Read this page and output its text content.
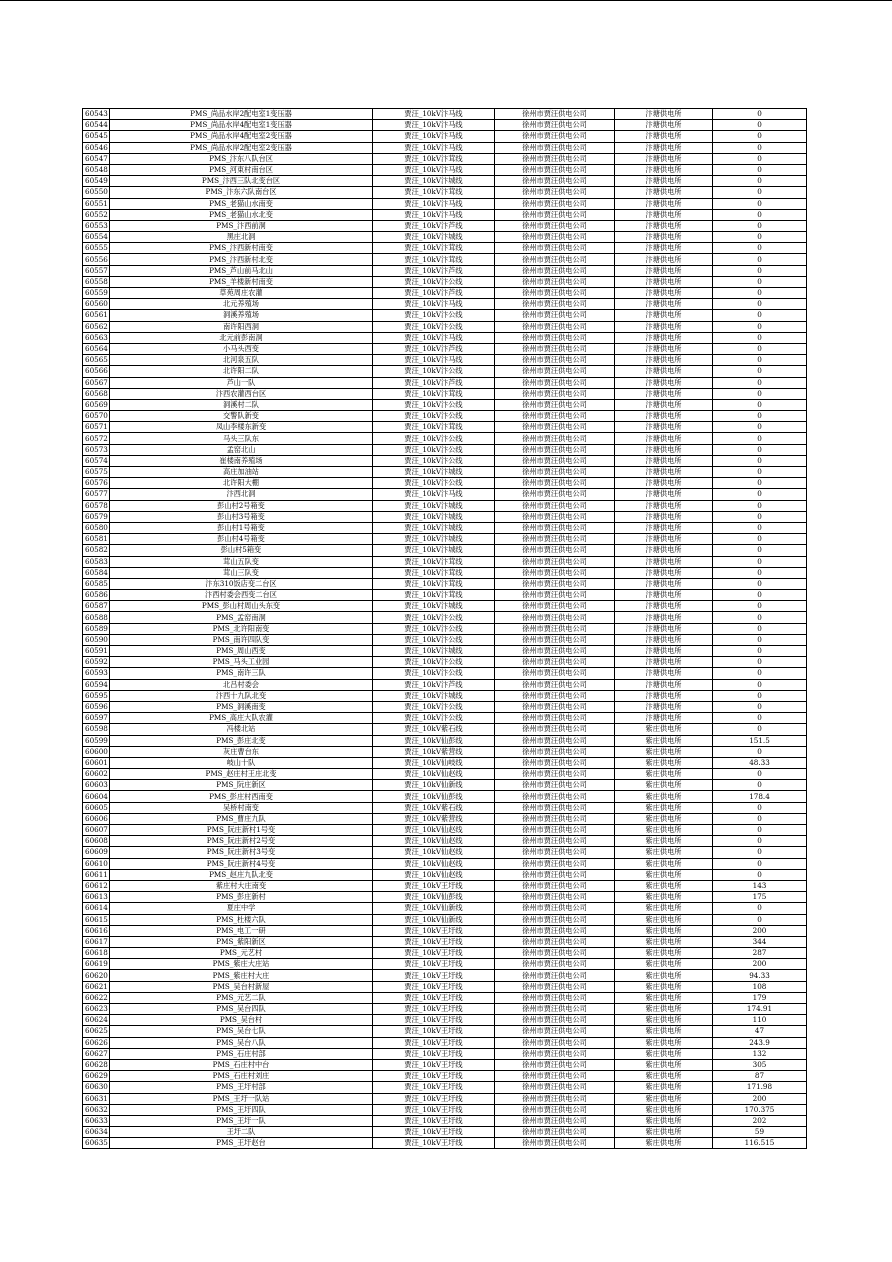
60543	PMS_尚品水岸2配电室1变压器	贾汪_10kV汴马线	徐州市贾汪供电公司	汴塘供电所	0
60544	PMS_尚品水岸4配电室1变压器	贾汪_10kV汴马线	徐州市贾汪供电公司	汴塘供电所	0
60545	PMS_尚品水岸4配电室2变压器	贾汪_10kV汴马线	徐州市贾汪供电公司	汴塘供电所	0
60546	PMS_尚品水岸2配电室2变压器	贾汪_10kV汴马线	徐州市贾汪供电公司	汴塘供电所	0
60547	PMS_汴东八队台区	贾汪_10kV汴茸线	徐州市贾汪供电公司	汴塘供电所	0
60548	PMS_河東村南台区	贾汪_10kV汴马线	徐州市贾汪供电公司	汴塘供电所	0
60549	PMS_汴西三队北变台区	贾汪_10kV汴城线	徐州市贾汪供电公司	汴塘供电所	0
60550	PMS_汴东六队南台区	贾汪_10kV汴茸线	徐州市贾汪供电公司	汴塘供电所	0
60551	PMS_老猫山水南变	贾汪_10kV汴马线	徐州市贾汪供电公司	汴塘供电所	0
60552	PMS_老猫山水北变	贾汪_10kV汴马线	徐州市贾汪供电公司	汴塘供电所	0
60553	PMS_汴西前洞	贾汪_10kV汴芦线	徐州市贾汪供电公司	汴塘供电所	0
60554	黑庄北洞	贾汪_10kV汴城线	徐州市贾汪供电公司	汴塘供电所	0
60555	PMS_汴西新村南变	贾汪_10kV汴茸线	徐州市贾汪供电公司	汴塘供电所	0
60556	PMS_汴西新村北变	贾汪_10kV汴茸线	徐州市贾汪供电公司	汴塘供电所	0
60557	PMS_芦山前马北山	贾汪_10kV汴芦线	徐州市贾汪供电公司	汴塘供电所	0
60558	PMS_羊楼新村南变	贾汪_10kV汴公线	徐州市贾汪供电公司	汴塘供电所	0
60559	草苑周庄农灌	贾汪_10kV汴芦线	徐州市贾汪供电公司	汴塘供电所	0
60560	北元养殖场	贾汪_10kV汴马线	徐州市贾汪供电公司	汴塘供电所	0
60561	洞溪养殖场	贾汪_10kV汴公线	徐州市贾汪供电公司	汴塘供电所	0
60562	南许阳西洞	贾汪_10kV汴公线	徐州市贾汪供电公司	汴塘供电所	0
60563	北元前彭南洞	贾汪_10kV汴马线	徐州市贾汪供电公司	汴塘供电所	0
60564	小马头西变	贾汪_10kV汴芦线	徐州市贾汪供电公司	汴塘供电所	0
60565	北河泉五队	贾汪_10kV汴马线	徐州市贾汪供电公司	汴塘供电所	0
60566	北许阳二队	贾汪_10kV汴公线	徐州市贾汪供电公司	汴塘供电所	0
60567	芦山一队	贾汪_10kV汴芦线	徐州市贾汪供电公司	汴塘供电所	0
60568	汴西农灌西台区	贾汪_10kV汴茸线	徐州市贾汪供电公司	汴塘供电所	0
60569	洞溪村二队	贾汪_10kV汴公线	徐州市贾汪供电公司	汴塘供电所	0
60570	交警队新变	贾汪_10kV汴公线	徐州市贾汪供电公司	汴塘供电所	0
60571	凤山李楼东新变	贾汪_10kV汴茸线	徐州市贾汪供电公司	汴塘供电所	0
60572	马头三队东	贾汪_10kV汴公线	徐州市贾汪供电公司	汴塘供电所	0
60573	孟窑北山	贾汪_10kV汴公线	徐州市贾汪供电公司	汴塘供电所	0
60574	崔楼南养殖场	贾汪_10kV汴公线	徐州市贾汪供电公司	汴塘供电所	0
60575	高庄加油站	贾汪_10kV汴城线	徐州市贾汪供电公司	汴塘供电所	0
60576	北许阳大棚	贾汪_10kV汴公线	徐州市贾汪供电公司	汴塘供电所	0
60577	汴西北洞	贾汪_10kV汴马线	徐州市贾汪供电公司	汴塘供电所	0
60578	彭山村2号箱变	贾汪_10kV汴城线	徐州市贾汪供电公司	汴塘供电所	0
60579	彭山村3号箱变	贾汪_10kV汴城线	徐州市贾汪供电公司	汴塘供电所	0
60580	彭山村1号箱变	贾汪_10kV汴城线	徐州市贾汪供电公司	汴塘供电所	0
60581	彭山村4号箱变	贾汪_10kV汴城线	徐州市贾汪供电公司	汴塘供电所	0
60582	彭山村5箱变	贾汪_10kV汴城线	徐州市贾汪供电公司	汴塘供电所	0
60583	茸山五队变	贾汪_10kV汴茸线	徐州市贾汪供电公司	汴塘供电所	0
60584	茸山三队变	贾汪_10kV汴茸线	徐州市贾汪供电公司	汴塘供电所	0
60585	汴东310饭店变二台区	贾汪_10kV汴茸线	徐州市贾汪供电公司	汴塘供电所	0
60586	汴西村委会西变二台区	贾汪_10kV汴茸线	徐州市贾汪供电公司	汴塘供电所	0
60587	PMS_彭山村周山头东变	贾汪_10kV汴城线	徐州市贾汪供电公司	汴塘供电所	0
60588	PMS_孟窑南洞	贾汪_10kV汴公线	徐州市贾汪供电公司	汴塘供电所	0
60589	PMS_北许阳南变	贾汪_10kV汴公线	徐州市贾汪供电公司	汴塘供电所	0
60590	PMS_南许四队变	贾汪_10kV汴公线	徐州市贾汪供电公司	汴塘供电所	0
60591	PMS_周山西变	贾汪_10kV汴城线	徐州市贾汪供电公司	汴塘供电所	0
60592	PMS_马头工业园	贾汪_10kV汴公线	徐州市贾汪供电公司	汴塘供电所	0
60593	PMS_南许三队	贾汪_10kV汴公线	徐州市贾汪供电公司	汴塘供电所	0
60594	北吕村委会	贾汪_10kV汴芦线	徐州市贾汪供电公司	汴塘供电所	0
60595	汴西十九队北变	贾汪_10kV汴城线	徐州市贾汪供电公司	汴塘供电所	0
60596	PMS_洞溪南变	贾汪_10kV汴公线	徐州市贾汪供电公司	汴塘供电所	0
60597	PMS_高庄大队农灌	贾汪_10kV汴公线	徐州市贾汪供电公司	汴塘供电所	0
60598	冯楼北站	贾汪_10kV紫石线	徐州市贾汪供电公司	紫庄供电所	0
60599	PMS_彭庄北变	贾汪_10kV仙彭线	徐州市贾汪供电公司	紫庄供电所	151.5
60600	灰庄曹台东	贾汪_10kV紫营线	徐州市贾汪供电公司	紫庄供电所	0
60601	岐山十队	贾汪_10kV仙岐线	徐州市贾汪供电公司	紫庄供电所	48.33
60602	PMS_赵庄村王庄北变	贾汪_10kV仙赵线	徐州市贾汪供电公司	紫庄供电所	0
60603	PMS_阮庄新区	贾汪_10kV仙新线	徐州市贾汪供电公司	紫庄供电所	0
60604	PMS_彭庄村西南变	贾汪_10kV仙彭线	徐州市贾汪供电公司	紫庄供电所	178.4
60605	吴桥村南变	贾汪_10kV紫石线	徐州市贾汪供电公司	紫庄供电所	0
60606	PMS_曹庄九队	贾汪_10kV紫营线	徐州市贾汪供电公司	紫庄供电所	0
60607	PMS_阮庄新村1号变	贾汪_10kV仙赵线	徐州市贾汪供电公司	紫庄供电所	0
60608	PMS_阮庄新村2号变	贾汪_10kV仙赵线	徐州市贾汪供电公司	紫庄供电所	0
60609	PMS_阮庄新村3号变	贾汪_10kV仙赵线	徐州市贾汪供电公司	紫庄供电所	0
60610	PMS_阮庄新村4号变	贾汪_10kV仙赵线	徐州市贾汪供电公司	紫庄供电所	0
60611	PMS_赵庄九队北变	贾汪_10kV仙赵线	徐州市贾汪供电公司	紫庄供电所	0
60612	紫庄村大庄南变	贾汪_10kV王圩线	徐州市贾汪供电公司	紫庄供电所	143
60613	PMS_彭庄新村	贾汪_10kV仙彭线	徐州市贾汪供电公司	紫庄供电所	175
60614	夏庄中学	贾汪_10kV仙新线	徐州市贾汪供电公司	紫庄供电所	0
60615	PMS_杜楼六队	贾汪_10kV仙新线	徐州市贾汪供电公司	紫庄供电所	0
60616	PMS_电工一研	贾汪_10kV王圩线	徐州市贾汪供电公司	紫庄供电所	200
60617	PMS_紫阳新区	贾汪_10kV王圩线	徐州市贾汪供电公司	紫庄供电所	344
60618	PMS_元艺村	贾汪_10kV王圩线	徐州市贾汪供电公司	紫庄供电所	287
60619	PMS_紫庄大庄站	贾汪_10kV王圩线	徐州市贾汪供电公司	紫庄供电所	200
60620	PMS_紫庄村大庄	贾汪_10kV王圩线	徐州市贾汪供电公司	紫庄供电所	94.33
60621	PMS_吴台村新屋	贾汪_10kV王圩线	徐州市贾汪供电公司	紫庄供电所	108
60622	PMS_元艺二队	贾汪_10kV王圩线	徐州市贾汪供电公司	紫庄供电所	179
60623	PMS_吴台四队	贾汪_10kV王圩线	徐州市贾汪供电公司	紫庄供电所	174.91
60624	PMS_吴台村	贾汪_10kV王圩线	徐州市贾汪供电公司	紫庄供电所	110
60625	PMS_吴台七队	贾汪_10kV王圩线	徐州市贾汪供电公司	紫庄供电所	47
60626	PMS_吴台八队	贾汪_10kV王圩线	徐州市贾汪供电公司	紫庄供电所	243.9
60627	PMS_石庄村部	贾汪_10kV王圩线	徐州市贾汪供电公司	紫庄供电所	132
60628	PMS_石庄村中台	贾汪_10kV王圩线	徐州市贾汪供电公司	紫庄供电所	305
60629	PMS_石庄村刘庄	贾汪_10kV王圩线	徐州市贾汪供电公司	紫庄供电所	87
60630	PMS_王圩村部	贾汪_10kV王圩线	徐州市贾汪供电公司	紫庄供电所	171.98
60631	PMS_王圩一队站	贾汪_10kV王圩线	徐州市贾汪供电公司	紫庄供电所	200
60632	PMS_王圩四队	贾汪_10kV王圩线	徐州市贾汪供电公司	紫庄供电所	170.375
60633	PMS_王圩一队	贾汪_10kV王圩线	徐州市贾汪供电公司	紫庄供电所	202
60634	王圩二队	贾汪_10kV王圩线	徐州市贾汪供电公司	紫庄供电所	59
60635	PMS_王圩赵台	贾汪_10kV王圩线	徐州市贾汪供电公司	紫庄供电所	116.515
